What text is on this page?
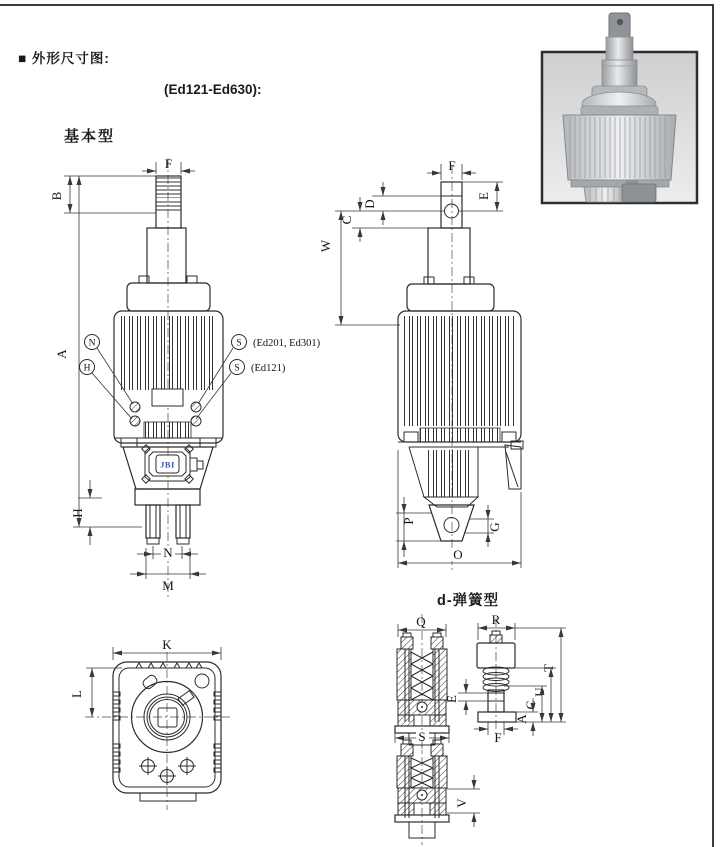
■ 外形尺寸图:
(Ed121-Ed630):
基本型
d-弹簧型
JBI
F
B
A
H
N
M
N
H
S (Ed201, Ed301)
S (Ed121)
F
E
D
C
W
P
G
O
K
L
Q
S
R
E
F
T
U
C
A
V
